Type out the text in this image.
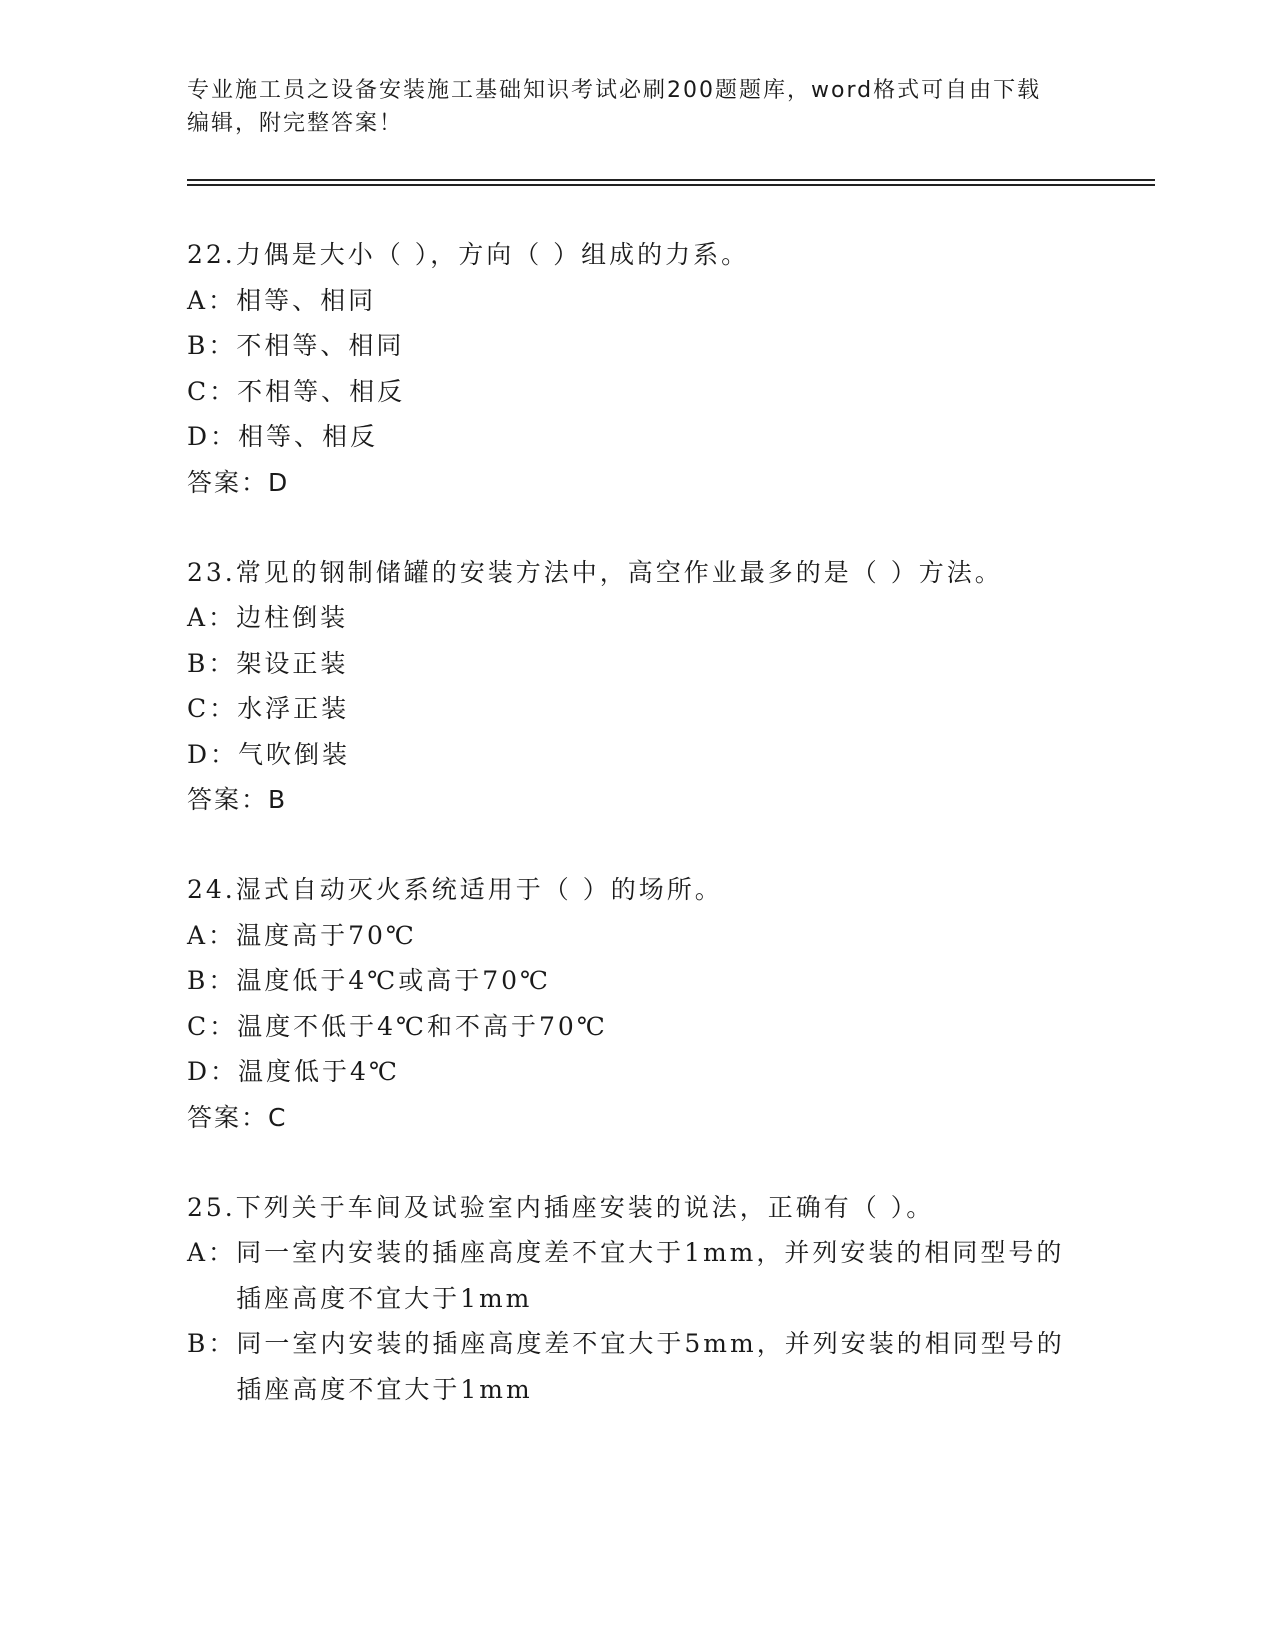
专业施工员之设备安装施工基础知识考试必刷200题题库，word格式可自由下载
编辑，附完整答案！
22.力偶是大小（ ），方向（ ）组成的力系。
A： 相等、相同
B： 不相等、相同
C： 不相等、相反
D： 相等、相反
答案：D
23.常见的钢制储罐的安装方法中，高空作业最多的是（ ）方法。
A： 边柱倒装
B： 架设正装
C： 水浮正装
D： 气吹倒装
答案：B
24.湿式自动灭火系统适用于（ ）的场所。
A： 温度高于70℃
B： 温度低于4℃或高于70℃
C： 温度不低于4℃和不高于70℃
D： 温度低于4℃
答案：C
25.下列关于车间及试验室内插座安装的说法，正确有（ ）。
A： 同一室内安装的插座高度差不宜大于1mm，并列安装的相同型号的插座高度不宜大于1mm
B： 同一室内安装的插座高度差不宜大于5mm，并列安装的相同型号的插座高度不宜大于1mm
